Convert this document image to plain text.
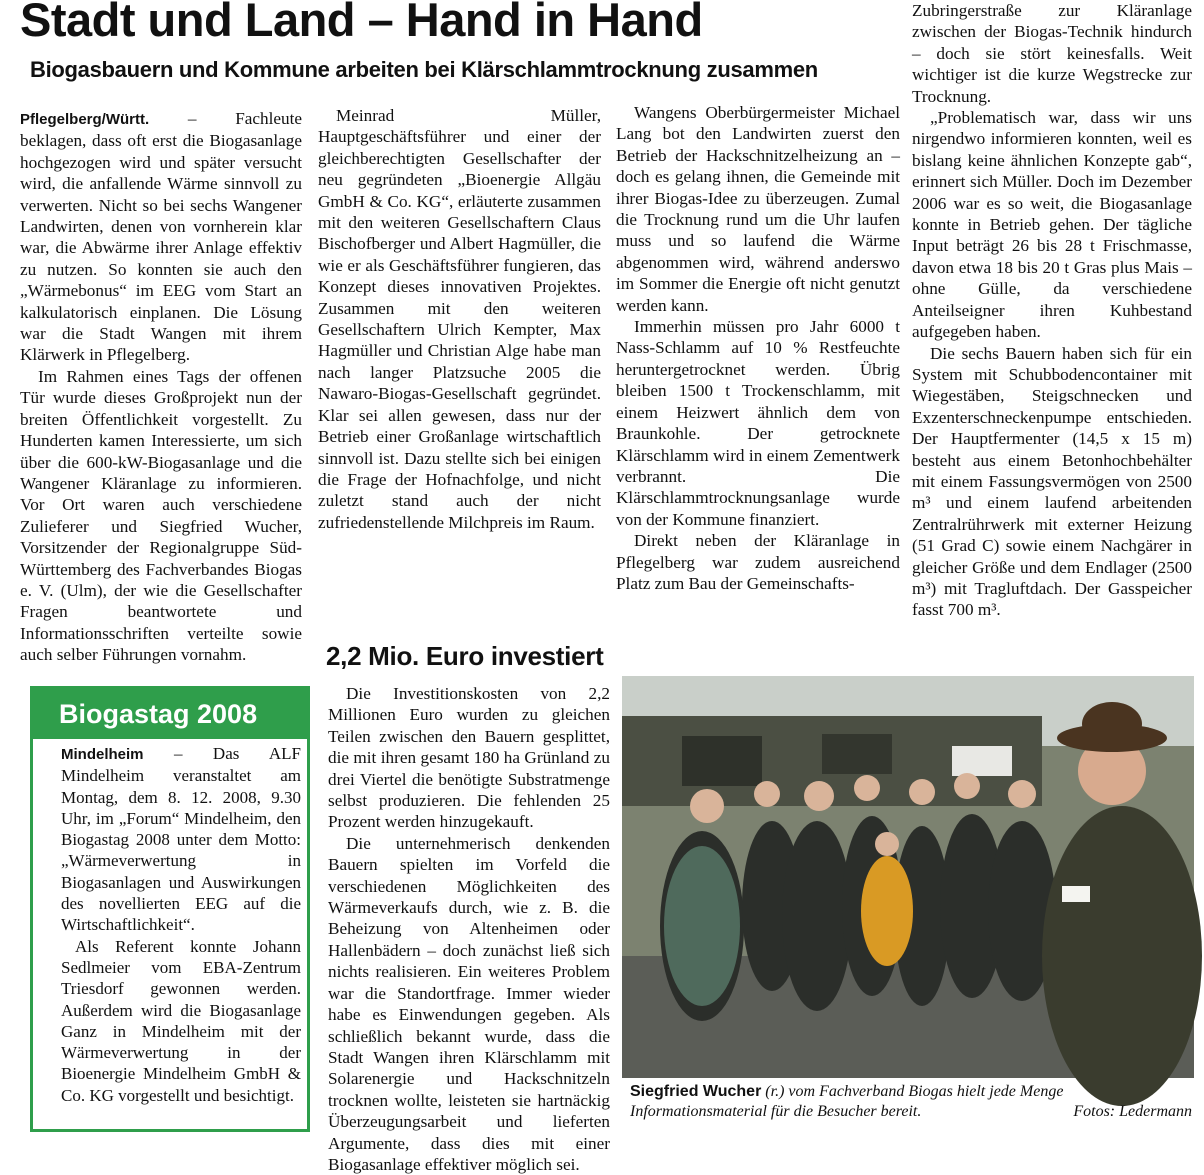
Stadt und Land – Hand in Hand
Biogasbauern und Kommune arbeiten bei Klärschlammtrocknung zusammen

Pflegelberg/Württ. – Fachleute beklagen, dass oft erst die Biogasanlage hochgezogen wird und später versucht wird, die anfallende Wärme sinnvoll zu verwerten. Nicht so bei sechs Wangener Landwirten, denen von vornherein klar war, die Abwärme ihrer Anlage effektiv zu nutzen. So konnten sie auch den „Wärmebonus“ im EEG vom Start an kalkulatorisch einplanen. Die Lösung war die Stadt Wangen mit ihrem Klärwerk in Pflegelberg.

Im Rahmen eines Tags der offenen Tür wurde dieses Großprojekt nun der breiten Öffentlichkeit vorgestellt. Zu Hunderten kamen Interessierte, um sich über die 600-kW-Biogasanlage und die Wangener Kläranlage zu informieren. Vor Ort waren auch verschiedene Zulieferer und Siegfried Wucher, Vorsitzender der Regionalgruppe Süd-Württemberg des Fachverbandes Biogas e. V. (Ulm), der wie die Gesellschafter Fragen beantwortete und Informationsschriften verteilte sowie auch selber Führungen vornahm.

Meinrad Müller, Hauptgeschäftsführer und einer der gleichberechtigten Gesellschafter der neu gegründeten „Bioenergie Allgäu GmbH & Co. KG“, erläuterte zusammen mit den weiteren Gesellschaftern Claus Bischofberger und Albert Hagmüller, die wie er als Geschäftsführer fungieren, das Konzept dieses innovativen Projektes. Zusammen mit den weiteren Gesellschaftern Ulrich Kempter, Max Hagmüller und Christian Alge habe man nach langer Platzsuche 2005 die Nawaro-Biogas-Gesellschaft gegründet. Klar sei allen gewesen, dass nur der Betrieb einer Großanlage wirtschaftlich sinnvoll ist. Dazu stellte sich bei einigen die Frage der Hofnachfolge, und nicht zuletzt stand auch der nicht zufriedenstellende Milchpreis im Raum.

2,2 Mio. Euro investiert

Die Investitionskosten von 2,2 Millionen Euro wurden zu gleichen Teilen zwischen den Bauern gesplittet, die mit ihren gesamt 180 ha Grünland zu drei Viertel die benötigte Substratmenge selbst produzieren. Die fehlenden 25 Prozent werden hinzugekauft.

Die unternehmerisch denkenden Bauern spielten im Vorfeld die verschiedenen Möglichkeiten des Wärmeverkaufs durch, wie z. B. die Beheizung von Altenheimen oder Hallenbädern – doch zunächst ließ sich nichts realisieren. Ein weiteres Problem war die Standortfrage. Immer wieder habe es Einwendungen gegeben. Als schließlich bekannt wurde, dass die Stadt Wangen ihren Klärschlamm mit Solarenergie und Hackschnitzeln trocknen wollte, leisteten sie hartnäckig Überzeugungsarbeit und lieferten Argumente, dass dies mit einer Biogasanlage effektiver möglich sei.

Wangens Oberbürgermeister Michael Lang bot den Landwirten zuerst den Betrieb der Hackschnitzelheizung an – doch es gelang ihnen, die Gemeinde mit ihrer Biogas-Idee zu überzeugen. Zumal die Trocknung rund um die Uhr laufen muss und so laufend die Wärme abgenommen wird, während anderswo im Sommer die Energie oft nicht genutzt werden kann.

Immerhin müssen pro Jahr 6000 t Nass-Schlamm auf 10 % Restfeuchte heruntergetrocknet werden. Übrig bleiben 1500 t Trockenschlamm, mit einem Heizwert ähnlich dem von Braunkohle. Der getrocknete Klärschlamm wird in einem Zementwerk verbrannt. Die Klärschlammtrocknungsanlage wurde von der Kommune finanziert.

Direkt neben der Kläranlage in Pflegelberg war zudem ausreichend Platz zum Bau der Gemeinschafts-

Zubringerstraße zur Kläranlage zwischen der Biogas-Technik hindurch – doch sie stört keinesfalls. Weit wichtiger ist die kurze Wegstrecke zur Trocknung.

„Problematisch war, dass wir uns nirgendwo informieren konnten, weil es bislang keine ähnlichen Konzepte gab“, erinnert sich Müller. Doch im Dezember 2006 war es so weit, die Biogasanlage konnte in Betrieb gehen. Der tägliche Input beträgt 26 bis 28 t Frischmasse, davon etwa 18 bis 20 t Gras plus Mais – ohne Gülle, da verschiedene Anteilseigner ihren Kuhbestand aufgegeben haben.

Die sechs Bauern haben sich für ein System mit Schubbodencontainer mit Wiegestäben, Steigschnecken und Exzenterschneckenpumpe entschieden. Der Hauptfermenter (14,5 x 15 m) besteht aus einem Betonhochbehälter mit einem Fassungsvermögen von 2500 m³ und einem laufend arbeitenden Zentralrührwerk mit externer Heizung (51 Grad C) sowie einem Nachgärer in gleicher Größe und dem Endlager (2500 m³) mit Tragluftdach. Der Gasspeicher fasst 700 m³.

Biogastag 2008

Mindelheim – Das ALF Mindelheim veranstaltet am Montag, dem 8. 12. 2008, 9.30 Uhr, im „Forum“ Mindelheim, den Biogastag 2008 unter dem Motto: „Wärmeverwertung in Biogasanlagen und Auswirkungen des novellierten EEG auf die Wirtschaftlichkeit“.

Als Referent konnte Johann Sedlmeier vom EBA-Zentrum Triesdorf gewonnen werden. Außerdem wird die Biogasanlage Ganz in Mindelheim mit der Wärmeverwertung in der Bioenergie Mindelheim GmbH & Co. KG vorgestellt und besichtigt.	Siegfried Wucher (r.) vom Fachverband Biogas hielt jede Menge Informationsmaterial für die Besucher bereit.	Fotos: Ledermann
